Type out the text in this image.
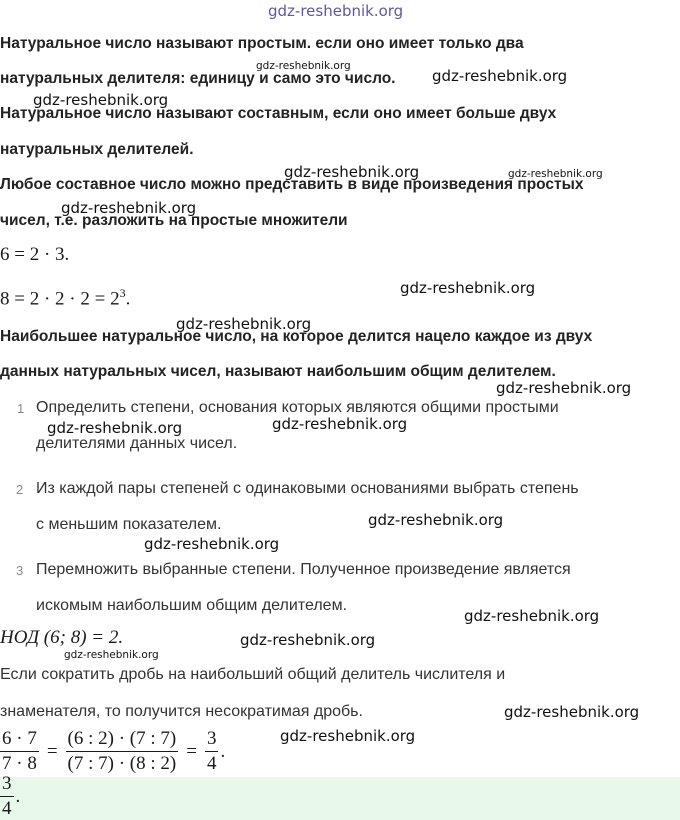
gdz-reshebnik.org
Натуральное число называют простым. если оно имеет только два
натуральных делителя: единицу и само это число.
Натуральное число называют составным, если оно имеет больше двух
натуральных делителей.
Любое составное число можно представить в виде произведения простых
чисел, т.е. разложить на простые множители
6 = 2 · 3.
$8 = 2 \cdot 2 \cdot 2 = 2^3$.
Наибольшее натуральное число, на которое делится нацело каждое из двух
данных натуральных чисел, называют наибольшим общим делителем.
1 Определить степени, основания которых являются общими простыми
делителями данных чисел.
2 Из каждой пары степеней с одинаковыми основаниями выбрать степень
с меньшим показателем.
3 Перемножить выбранные степени. Полученное произведение является
искомым наибольшим общим делителем.
НОД (6; 8) = 2.
Если сократить дробь на наибольший общий делитель числителя и
знаменателя, то получится несократимая дробь.
$\frac{6 \cdot 7}{7 \cdot 8} = \frac{(6 : 2) \cdot (7 : 7)}{(7 : 7) \cdot (8 : 2)} = \frac{3}{4}$ .
$\frac{3}{4}$ .
gdz-reshebnik.org
gdz-reshebnik.org
gdz-reshebnik.org
gdz-reshebnik.org	gdz-reshebnik.org
gdz-reshebnik.org
gdz-reshebnik.org
gdz-reshebnik.org
gdz-reshebnik.org
gdz-reshebnik.org	gdz-reshebnik.org
gdz-reshebnik.org
gdz-reshebnik.org
gdz-reshebnik.org
gdz-reshebnik.org
gdz-reshebnik.org
gdz-reshebnik.org
gdz-reshebnik.org
